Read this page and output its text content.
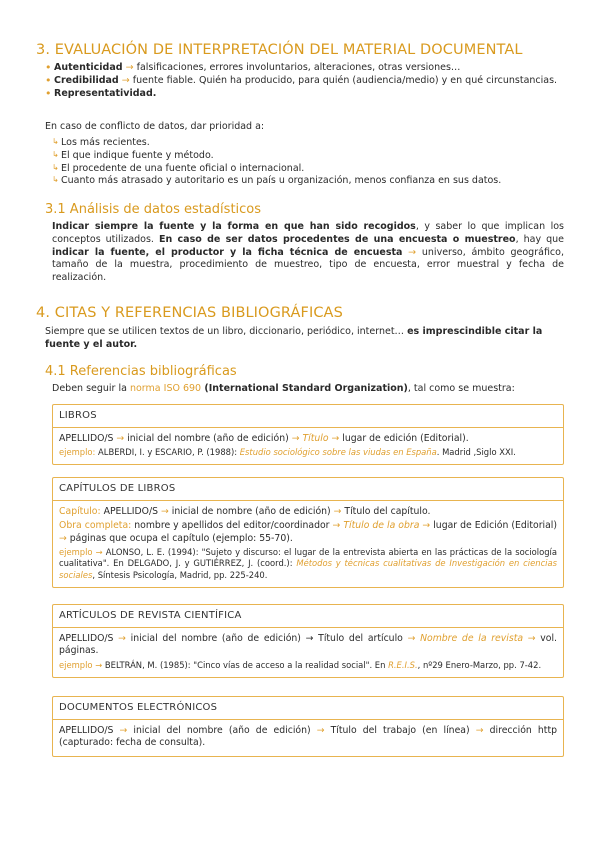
3. EVALUACIÓN DE INTERPRETACIÓN DEL MATERIAL DOCUMENTAL
• Autenticidad → falsificaciones, errores involuntarios, alteraciones, otras versiones…
• Credibilidad → fuente fiable. Quién ha producido, para quién (audiencia/medio) y en qué circunstancias.
• Representatividad.
En caso de conflicto de datos, dar prioridad a:
↳ Los más recientes.
↳ El que indique fuente y método.
↳ El procedente de una fuente oficial o internacional.
↳ Cuanto más atrasado y autoritario es un país u organización, menos confianza en sus datos.
3.1 Análisis de datos estadísticos
Indicar siempre la fuente y la forma en que han sido recogidos, y saber lo que implican los conceptos utilizados. En caso de ser datos procedentes de una encuesta o muestreo, hay que indicar la fuente, el productor y la ficha técnica de encuesta → universo, ámbito geográfico, tamaño de la muestra, procedimiento de muestreo, tipo de encuesta, error muestral y fecha de realización.
4. CITAS Y REFERENCIAS BIBLIOGRÁFICAS
Siempre que se utilicen textos de un libro, diccionario, periódico, internet… es imprescindible citar la fuente y el autor.
4.1 Referencias bibliográficas
Deben seguir la norma ISO 690 (International Standard Organization), tal como se muestra:
LIBROS

APELLIDO/S → inicial del nombre (año de edición) → Título → lugar de edición (Editorial).

ejemplo: ALBERDI, I. y ESCARIO, P. (1988): Estudio sociológico sobre las viudas en España. Madrid ,Siglo XXI.

CAPÍTULOS DE LIBROS

Capítulo: APELLIDO/S → inicial de nombre (año de edición) → Título del capítulo.

Obra completa: nombre y apellidos del editor/coordinador → Título de la obra → lugar de Edición (Editorial) → páginas que ocupa el capítulo (ejemplo: 55-70).

ejemplo → ALONSO, L. E. (1994): "Sujeto y discurso: el lugar de la entrevista abierta en las prácticas de la sociología cualitativa". En DELGADO, J. y GUTIÉRREZ, J. (coord.): Métodos y técnicas cualitativas de Investigación en ciencias sociales, Síntesis Psicología, Madrid, pp. 225-240.

ARTÍCULOS DE REVISTA CIENTÍFICA

APELLIDO/S → inicial del nombre (año de edición) → Título del artículo → Nombre de la revista → vol. páginas.

ejemplo → BELTRÁN, M. (1985): "Cinco vías de acceso a la realidad social". En R.E.I.S., nº29 Enero-Marzo, pp. 7-42.

DOCUMENTOS ELECTRÓNICOS

APELLIDO/S → inicial del nombre (año de edición) → Título del trabajo (en línea) → dirección http (capturado: fecha de consulta).
